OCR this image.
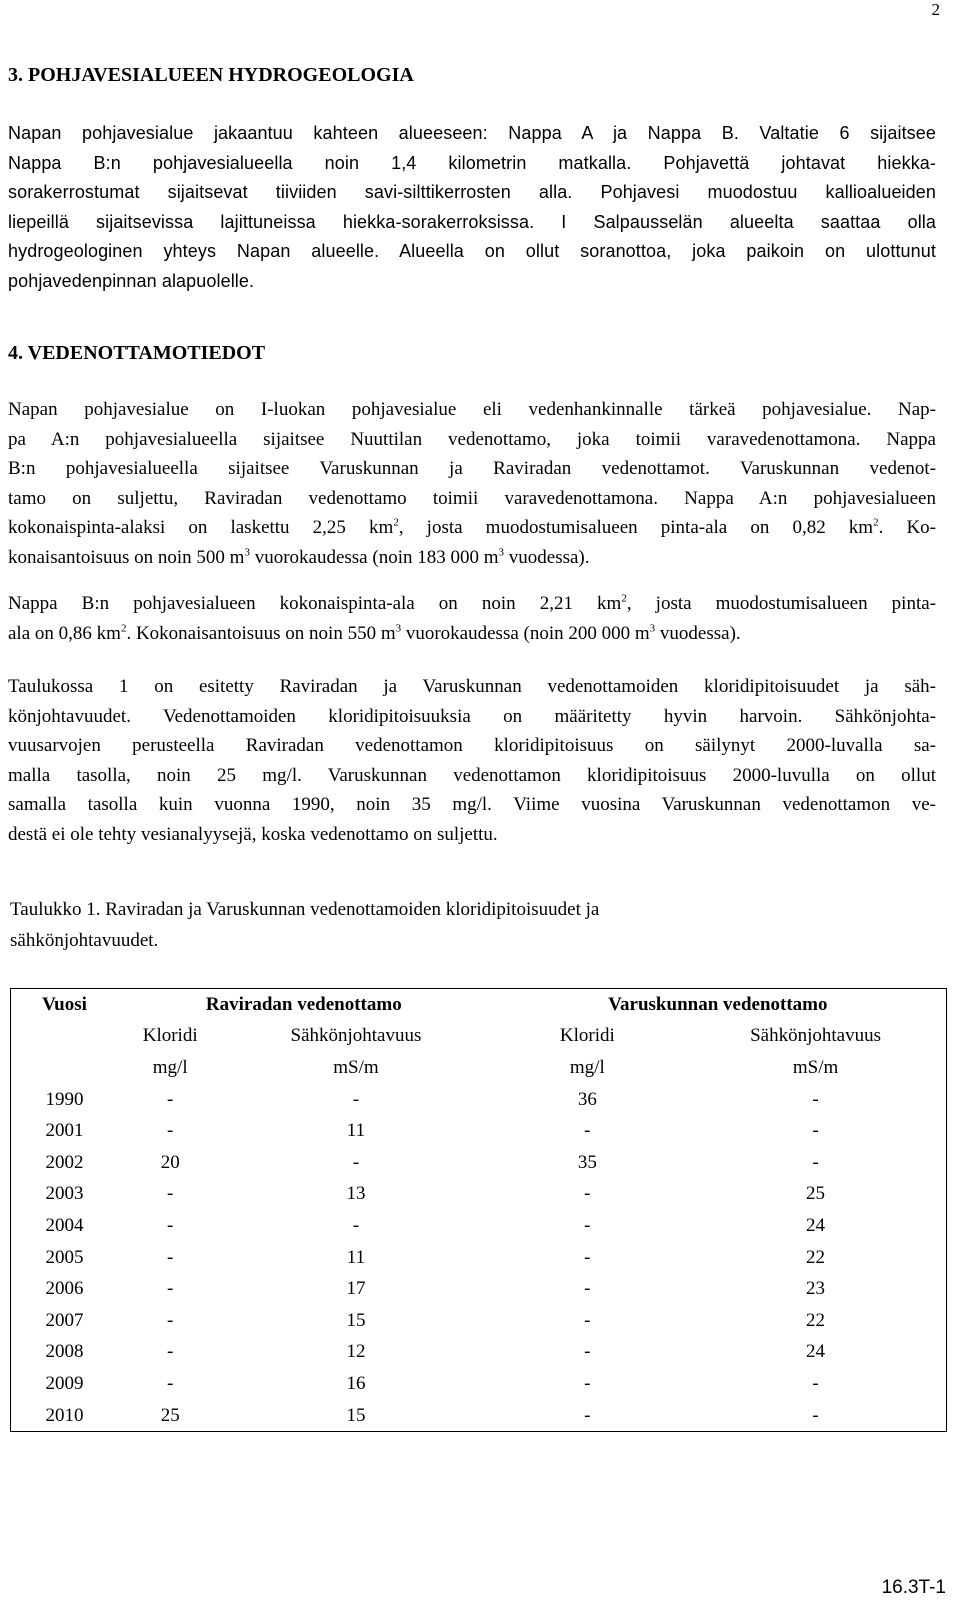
2
3. POHJAVESIALUEEN HYDROGEOLOGIA
Napan pohjavesialue jakaantuu kahteen alueeseen: Nappa A ja Nappa B. Valtatie 6 sijaitsee
Nappa B:n pohjavesialueella noin 1,4 kilometrin matkalla. Pohjavettä johtavat hiekka-
sorakerrostumat sijaitsevat tiiviiden savi-silttikerrosten alla. Pohjavesi muodostuu kallioalueiden
liepeillä sijaitsevissa lajittuneissa hiekka-sorakerroksissa. I Salpausselän alueelta saattaa olla
hydrogeologinen yhteys Napan alueelle. Alueella on ollut soranottoa, joka paikoin on ulottunut
pohjavedenpinnan alapuolelle.
4. VEDENOTTAMOTIEDOT
Napan pohjavesialue on I-luokan pohjavesialue eli vedenhankinnalle tärkeä pohjavesialue. Nap-
pa A:n pohjavesialueella sijaitsee Nuuttilan vedenottamo, joka toimii varavedenottamona. Nappa
B:n pohjavesialueella sijaitsee Varuskunnan ja Raviradan vedenottamot. Varuskunnan vedenot-
tamo on suljettu, Raviradan vedenottamo toimii varavedenottamona. Nappa A:n pohjavesialueen
kokonaispinta-alaksi on laskettu 2,25 $km^2$, josta muodostumisalueen pinta-ala on 0,82 $km^2$. Ko-
konaisantoisuus on noin 500 $m^3$ vuorokaudessa (noin 183 000 $m^3$ vuodessa).
Nappa B:n pohjavesialueen kokonaispinta-ala on noin 2,21 $km^2$, josta muodostumisalueen pinta-
ala on 0,86 $km^2$. Kokonaisantoisuus on noin 550 $m^3$ vuorokaudessa (noin 200 000 $m^3$ vuodessa).
Taulukossa 1 on esitetty Raviradan ja Varuskunnan vedenottamoiden kloridipitoisuudet ja säh-
könjohtavuudet. Vedenottamoiden kloridipitoisuuksia on määritetty hyvin harvoin. Sähkönjohta-
vuusarvojen perusteella Raviradan vedenottamon kloridipitoisuus on säilynyt 2000-luvalla sa-
malla tasolla, noin 25 mg/l. Varuskunnan vedenottamon kloridipitoisuus 2000-luvulla on ollut
samalla tasolla kuin vuonna 1990, noin 35 mg/l. Viime vuosina Varuskunnan vedenottamon ve-
destä ei ole tehty vesianalyysejä, koska vedenottamo on suljettu.
Taulukko 1. Raviradan ja Varuskunnan vedenottamoiden kloridipitoisuudet ja
sähkönjohtavuudet.
Vuosi	Raviradan vedenottamo		Varuskunnan vedenottamo	
	Kloridi	Sähkönjohtavuus	Kloridi	Sähkönjohtavuus
	mg/l	mS/m	mg/l	mS/m
1990	-	-	36	-
2001	-	11	-	-
2002	20	-	35	-
2003	-	13	-	25
2004	-	-	-	24
2005	-	11	-	22
2006	-	17	-	23
2007	-	15	-	22
2008	-	12	-	24
2009	-	16	-	-
2010	25	15	-	-
16.3T-1
